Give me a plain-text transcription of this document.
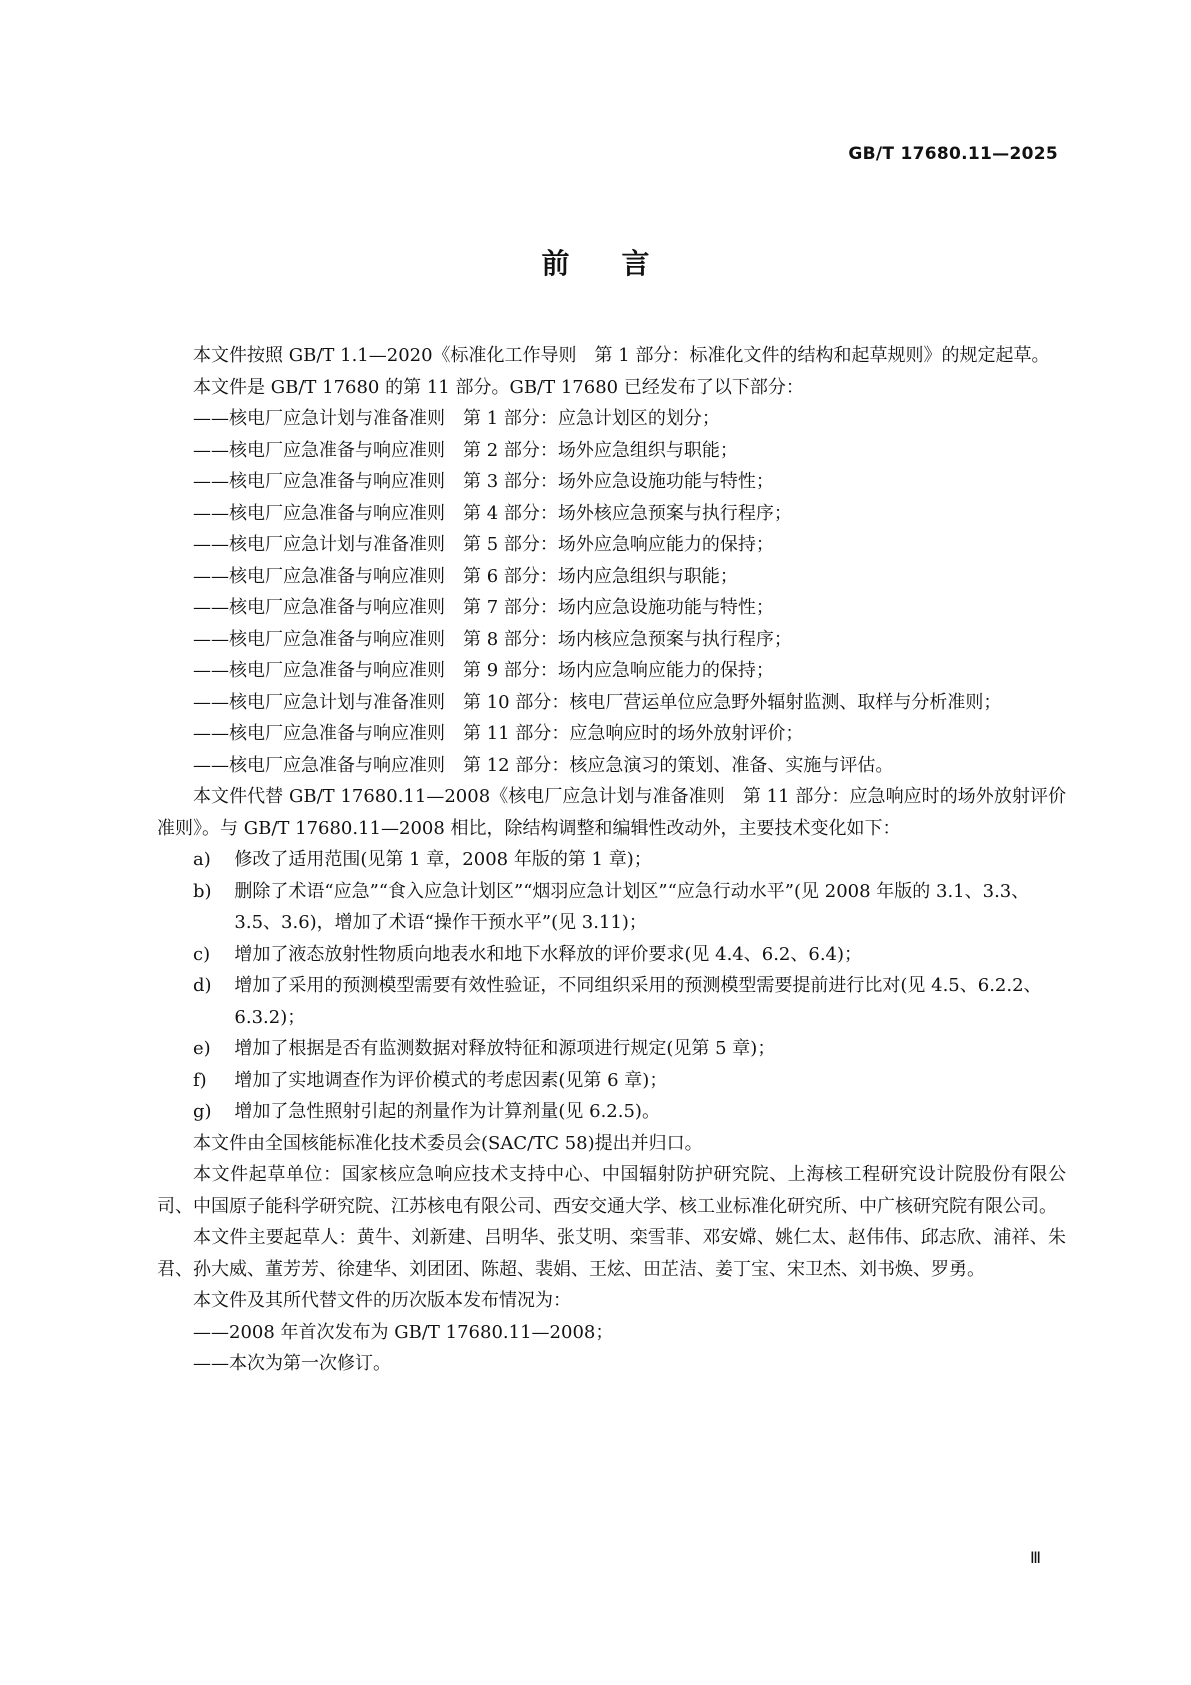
GB/T 17680.11—2025
前 言

本文件按照 GB/T 1.1—2020《标准化工作导则　第 1 部分：标准化文件的结构和起草规则》的规定起草。

本文件是 GB/T 17680 的第 11 部分。GB/T 17680 已经发布了以下部分：

——核电厂应急计划与准备准则　第 1 部分：应急计划区的划分；
——核电厂应急准备与响应准则　第 2 部分：场外应急组织与职能；
——核电厂应急准备与响应准则　第 3 部分：场外应急设施功能与特性；
——核电厂应急准备与响应准则　第 4 部分：场外核应急预案与执行程序；
——核电厂应急计划与准备准则　第 5 部分：场外应急响应能力的保持；
——核电厂应急准备与响应准则　第 6 部分：场内应急组织与职能；
——核电厂应急准备与响应准则　第 7 部分：场内应急设施功能与特性；
——核电厂应急准备与响应准则　第 8 部分：场内核应急预案与执行程序；
——核电厂应急准备与响应准则　第 9 部分：场内应急响应能力的保持；
——核电厂应急计划与准备准则　第 10 部分：核电厂营运单位应急野外辐射监测、取样与分析准则；
——核电厂应急准备与响应准则　第 11 部分：应急响应时的场外放射评价；
——核电厂应急准备与响应准则　第 12 部分：核应急演习的策划、准备、实施与评估。

本文件代替 GB/T 17680.11—2008《核电厂应急计划与准备准则　第 11 部分：应急响应时的场外放射评价准则》。与 GB/T 17680.11—2008 相比，除结构调整和编辑性改动外，主要技术变化如下：

a) 修改了适用范围(见第 1 章，2008 年版的第 1 章)；
b) 删除了术语“应急”“食入应急计划区”“烟羽应急计划区”“应急行动水平”(见 2008 年版的 3.1、3.3、3.5、3.6)，增加了术语“操作干预水平”(见 3.11)；
c) 增加了液态放射性物质向地表水和地下水释放的评价要求(见 4.4、6.2、6.4)；
d) 增加了采用的预测模型需要有效性验证，不同组织采用的预测模型需要提前进行比对(见 4.5、6.2.2、6.3.2)；
e) 增加了根据是否有监测数据对释放特征和源项进行规定(见第 5 章)；
f) 增加了实地调查作为评价模式的考虑因素(见第 6 章)；
g) 增加了急性照射引起的剂量作为计算剂量(见 6.2.5)。

本文件由全国核能标准化技术委员会(SAC/TC 58)提出并归口。

本文件起草单位：国家核应急响应技术支持中心、中国辐射防护研究院、上海核工程研究设计院股份有限公司、中国原子能科学研究院、江苏核电有限公司、西安交通大学、核工业标准化研究所、中广核研究院有限公司。

本文件主要起草人：黄牛、刘新建、吕明华、张艾明、栾雪菲、邓安嫦、姚仁太、赵伟伟、邱志欣、浦祥、朱君、孙大威、董芳芳、徐建华、刘团团、陈超、裴娟、王炫、田芷洁、姜丁宝、宋卫杰、刘书焕、罗勇。

本文件及其所代替文件的历次版本发布情况为：

——2008 年首次发布为 GB/T 17680.11—2008；
——本次为第一次修订。
Ⅲ
